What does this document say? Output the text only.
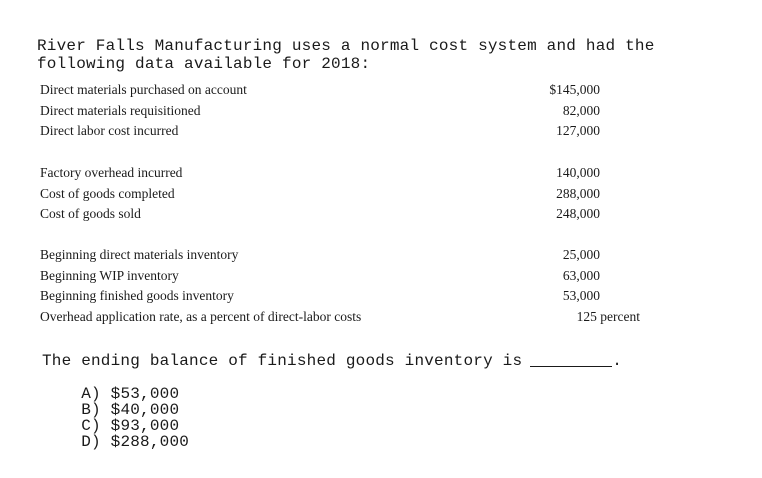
River Falls Manufacturing uses a normal cost system and had the
following data available for 2018:
Direct materials purchased on account	$145,000
Direct materials requisitioned	82,000
Direct labor cost incurred	127,000
Factory overhead incurred	140,000
Cost of goods completed	288,000
Cost of goods sold	248,000
Beginning direct materials inventory	25,000
Beginning WIP inventory	63,000
Beginning finished goods inventory	53,000
Overhead application rate, as a percent of direct-labor costs	125 percent
The ending balance of finished goods inventory is	.

A) $53,000

B) $40,000

C) $93,000

D) $288,000
